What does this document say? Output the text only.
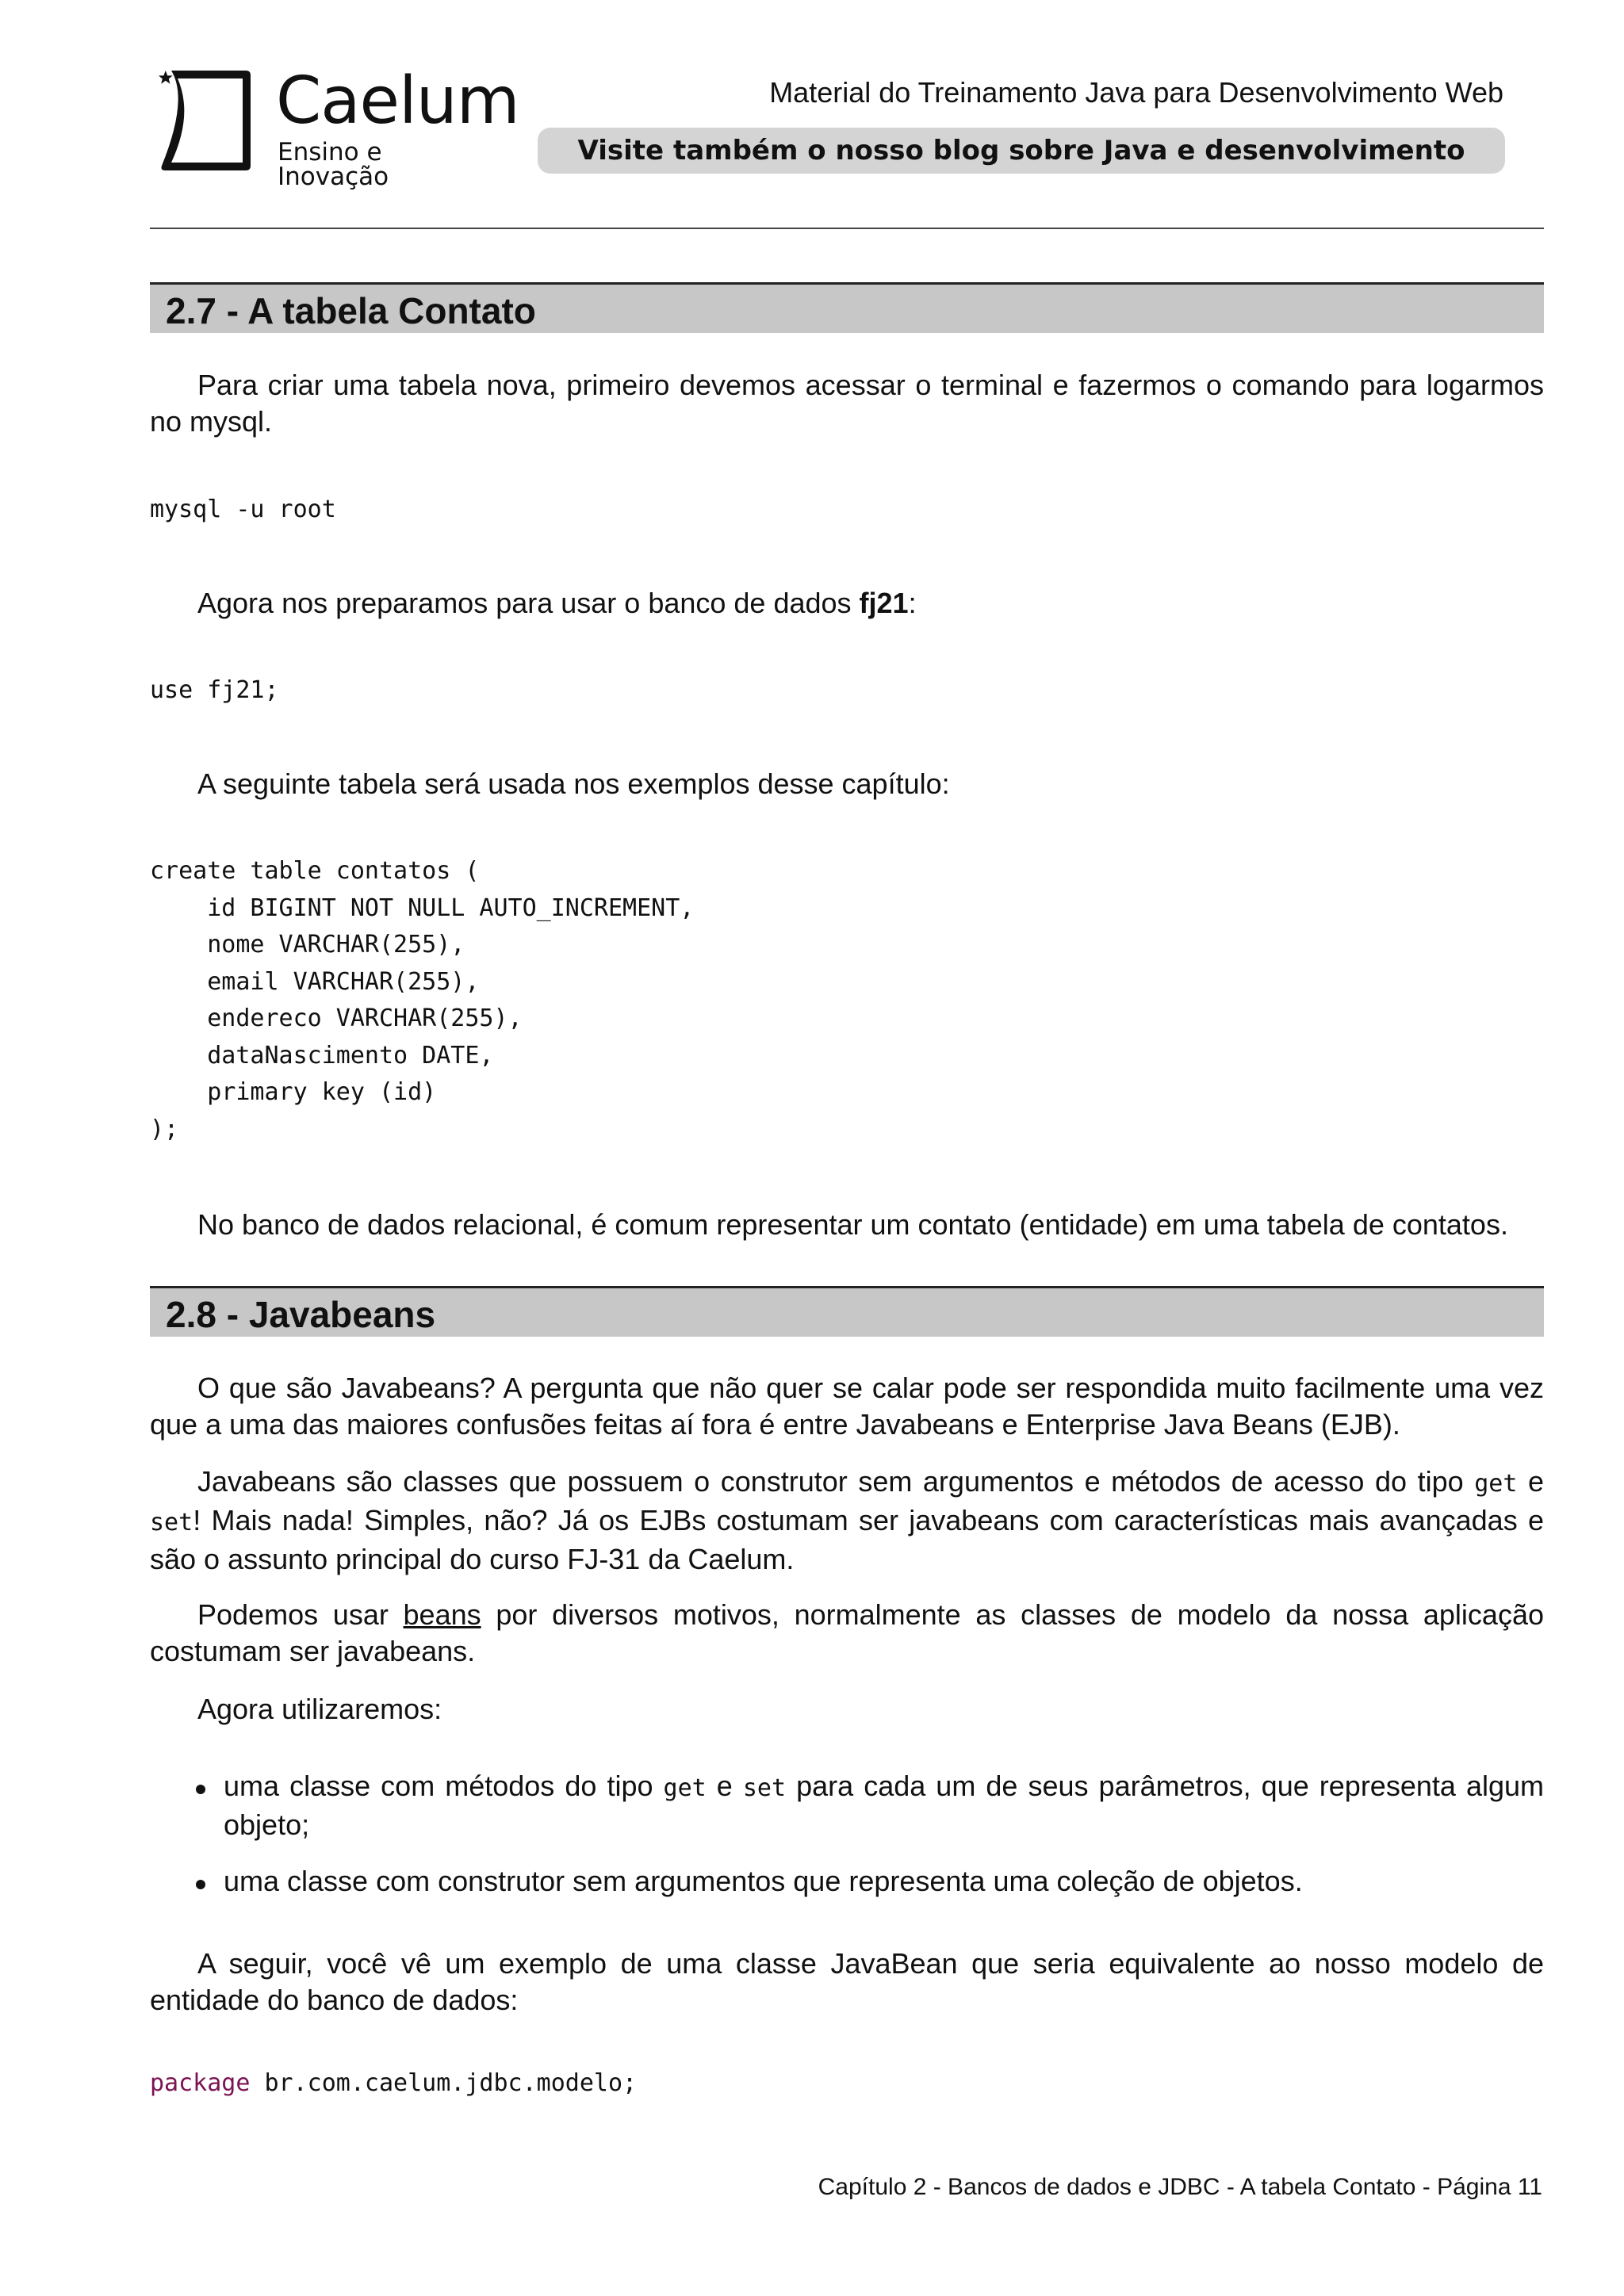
Caelum
Ensino e Inovação
Material do Treinamento Java para Desenvolvimento Web
Visite também o nosso blog sobre Java e desenvolvimento
2.7 - A tabela Contato
Para criar uma tabela nova, primeiro devemos acessar o terminal e fazermos o comando para logarmos no mysql.
mysql -u root
Agora nos preparamos para usar o banco de dados fj21:
use fj21;
A seguinte tabela será usada nos exemplos desse capítulo:
create table contatos (
id BIGINT NOT NULL AUTO_INCREMENT,
nome VARCHAR(255),
email VARCHAR(255),
endereco VARCHAR(255),
dataNascimento DATE,
primary key (id)
);
No banco de dados relacional, é comum representar um contato (entidade) em uma tabela de contatos.
2.8 - Javabeans
O que são Javabeans? A pergunta que não quer se calar pode ser respondida muito facilmente uma vez que a uma das maiores confusões feitas aí fora é entre Javabeans e Enterprise Java Beans (EJB).
Javabeans são classes que possuem o construtor sem argumentos e métodos de acesso do tipo get e set! Mais nada! Simples, não? Já os EJBs costumam ser javabeans com características mais avançadas e são o assunto principal do curso FJ-31 da Caelum.
Podemos usar beans por diversos motivos, normalmente as classes de modelo da nossa aplicação costumam ser javabeans.
Agora utilizaremos:
uma classe com métodos do tipo get e set para cada um de seus parâmetros, que representa algum objeto;
uma classe com construtor sem argumentos que representa uma coleção de objetos.
A seguir, você vê um exemplo de uma classe JavaBean que seria equivalente ao nosso modelo de entidade do banco de dados:
package br.com.caelum.jdbc.modelo;
Capítulo 2 - Bancos de dados e JDBC - A tabela Contato - Página 11
